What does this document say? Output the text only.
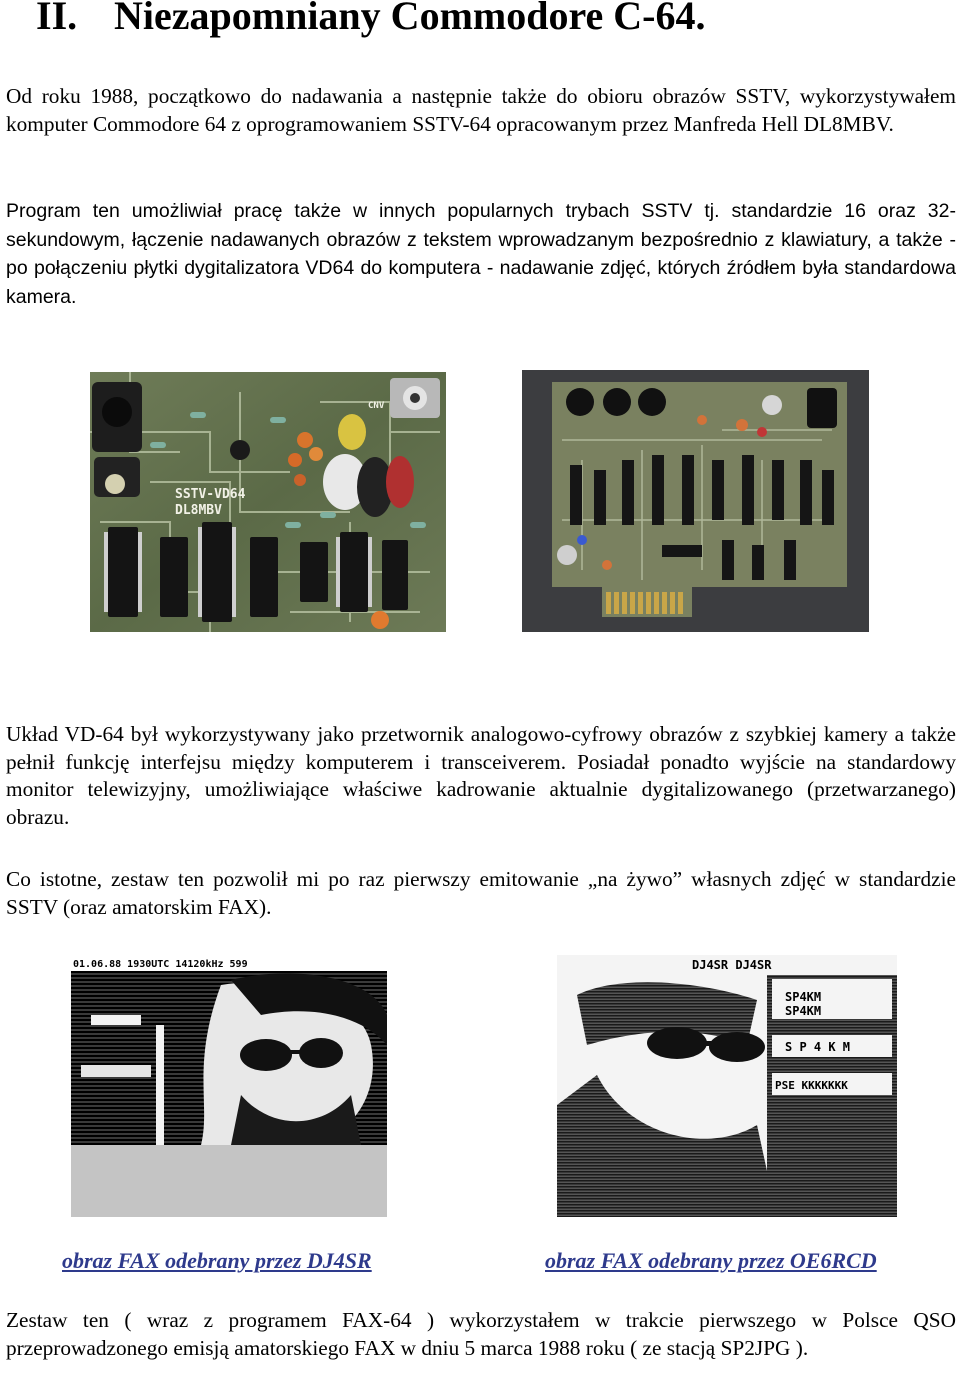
II. Niezapomniany Commodore C-64.

Od roku 1988, początkowo do nadawania a następnie także do obioru obrazów SSTV, wykorzystywałem komputer Commodore 64 z oprogramowaniem SSTV-64 opracowanym przez Manfreda Hell DL8MBV.

Program ten umożliwiał pracę także w innych popularnych trybach SSTV tj. standardzie 16 oraz 32-sekundowym, łączenie nadawanych obrazów z tekstem wprowadzanym bezpośrednio z klawiatury, a także - po połączeniu płytki dygitalizatora VD64 do komputera - nadawanie zdjęć, których źródłem była standardowa kamera.

SSTV-VD64
DL8MBV
CNV

Układ VD-64 był wykorzystywany jako przetwornik analogowo-cyfrowy obrazów z szybkiej kamery a także pełnił funkcję interfejsu między komputerem i transceiverem. Posiadał ponadto wyjście na standardowy monitor telewizyjny, umożliwiające właściwe kadrowanie aktualnie dygitalizowanego (przetwarzanego) obrazu.

Co istotne, zestaw ten pozwolił mi po raz pierwszy emitowanie „na żywo” własnych zdjęć w standardzie SSTV (oraz amatorskim FAX).

01.06.88 1930UTC 14120kHz 599	DJ4SR DJ4SR
SP4KM
SP4KM
S P 4 K M
PSE KKKKKKK

obraz FAX odebrany przez DJ4SR	obraz FAX odebrany przez OE6RCD

Zestaw ten ( wraz z programem FAX-64 ) wykorzystałem w trakcie pierwszego w Polsce QSO przeprowadzonego emisją amatorskiego FAX w dniu 5 marca 1988 roku ( ze stacją SP2JPG ).
